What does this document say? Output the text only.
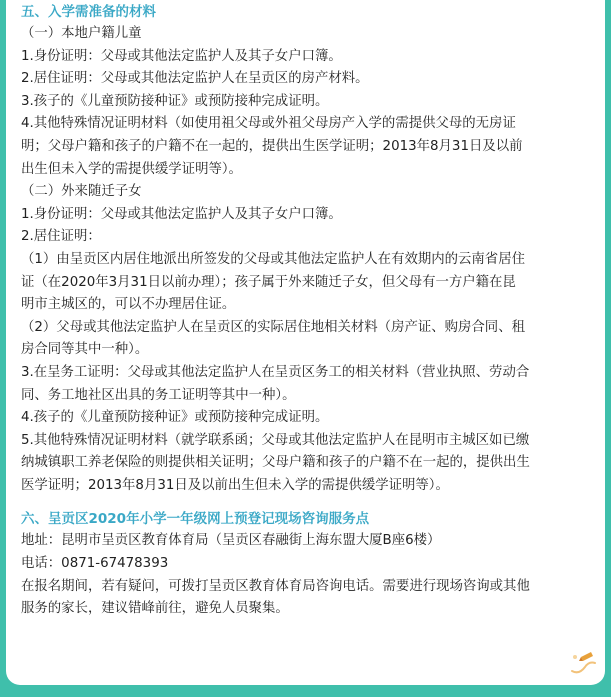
五、入学需准备的材料

（一）本地户籍儿童

1.身份证明：父母或其他法定监护人及其子女户口簿。

2.居住证明：父母或其他法定监护人在呈贡区的房产材料。

3.孩子的《儿童预防接种证》或预防接种完成证明。

4.其他特殊情况证明材料（如使用祖父母或外祖父母房产入学的需提供父母的无房证

明；父母户籍和孩子的户籍不在一起的，提供出生医学证明；2013年8月31日及以前

出生但未入学的需提供缓学证明等）。

（二）外来随迁子女

1.身份证明：父母或其他法定监护人及其子女户口簿。

2.居住证明：

（1）由呈贡区内居住地派出所签发的父母或其他法定监护人在有效期内的云南省居住

证（在2020年3月31日以前办理）；孩子属于外来随迁子女，但父母有一方户籍在昆

明市主城区的，可以不办理居住证。

（2）父母或其他法定监护人在呈贡区的实际居住地相关材料（房产证、购房合同、租

房合同等其中一种）。

3.在呈务工证明：父母或其他法定监护人在呈贡区务工的相关材料（营业执照、劳动合

同、务工地社区出具的务工证明等其中一种）。

4.孩子的《儿童预防接种证》或预防接种完成证明。

5.其他特殊情况证明材料（就学联系函；父母或其他法定监护人在昆明市主城区如已缴

纳城镇职工养老保险的则提供相关证明；父母户籍和孩子的户籍不在一起的，提供出生

医学证明；2013年8月31日及以前出生但未入学的需提供缓学证明等）。

六、呈贡区2020年小学一年级网上预登记现场咨询服务点

地址：昆明市呈贡区教育体育局（呈贡区春融街上海东盟大厦B座6楼）

电话：0871-67478393

在报名期间，若有疑问，可拨打呈贡区教育体育局咨询电话。需要进行现场咨询或其他

服务的家长，建议错峰前往，避免人员聚集。
